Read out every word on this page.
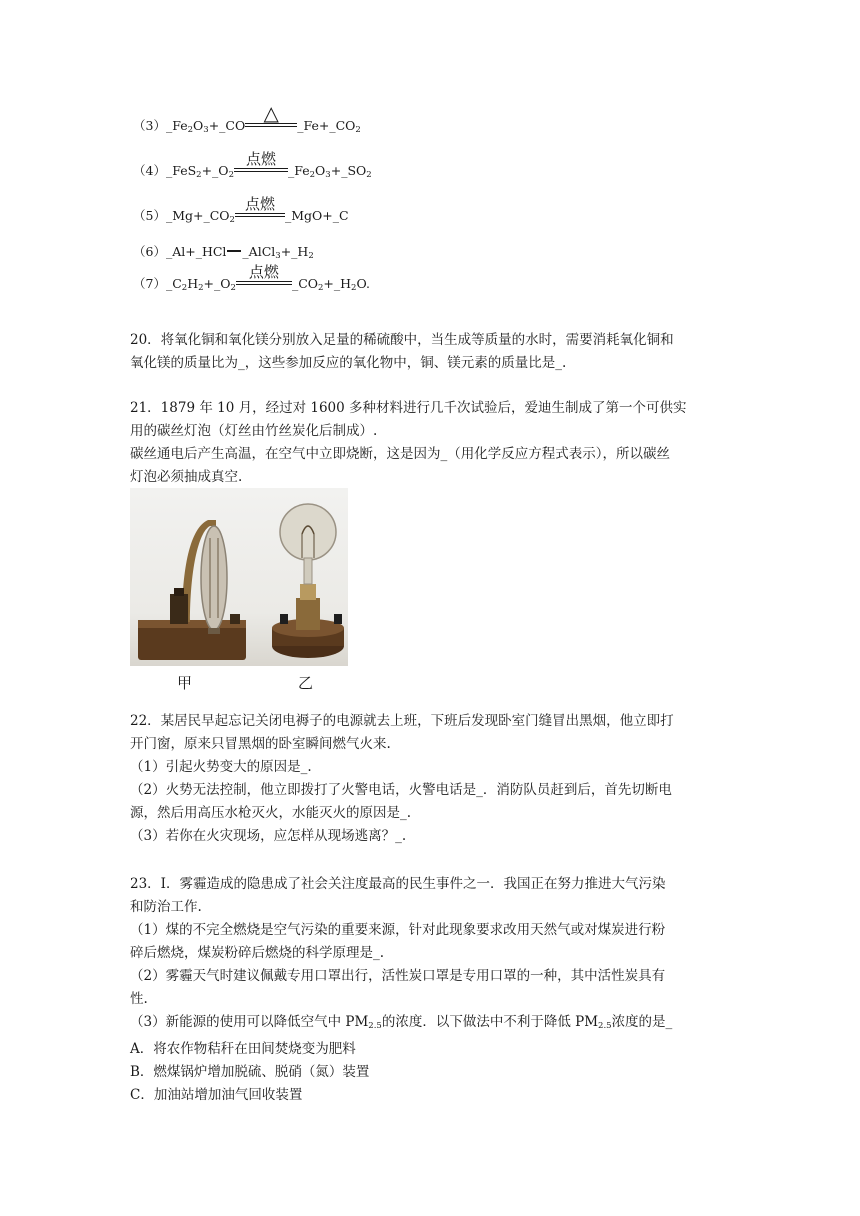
$(3)\_Fe_2O_3+\_CO$
△
$\_Fe+\_CO_2$
$(4)\_FeS_2+\_O_2$
点燃
$\_Fe_2O_3+\_SO_2$
$(5)\_Mg+\_CO_2$
点燃
_MgO+_C
（6）_Al+_HCl $\_AlCl_3+\_H_2$
$(7)\_C_2H_2+\_O_2$
点燃
$\_CO_2+\_H_2O$.

20．将氧化铜和氧化镁分别放入足量的稀硫酸中，当生成等质量的水时，需要消耗氧化铜和

氧化镁的质量比为_，这些参加反应的氧化物中，铜、镁元素的质量比是_.

21．1879 年 10 月，经过对 1600 多种材料进行几千次试验后，爱迪生制成了第一个可供实

用的碳丝灯泡（灯丝由竹丝炭化后制成）.

碳丝通电后产生高温，在空气中立即烧断，这是因为_（用化学反应方程式表示），所以碳丝

灯泡必须抽成真空.

甲	乙

22．某居民早起忘记关闭电褥子的电源就去上班，下班后发现卧室门缝冒出黑烟，他立即打

开门窗，原来只冒黑烟的卧室瞬间燃气火来.

（1）引起火势变大的原因是_.

（2）火势无法控制，他立即拨打了火警电话，火警电话是_．消防队员赶到后，首先切断电

源，然后用高压水枪灭火，水能灭火的原因是_.

（3）若你在火灾现场，应怎样从现场逃离？_.

23．Ⅰ．雾霾造成的隐患成了社会关注度最高的民生事件之一．我国正在努力推进大气污染

和防治工作.

（1）煤的不完全燃烧是空气污染的重要来源，针对此现象要求改用天然气或对煤炭进行粉

碎后燃烧，煤炭粉碎后燃烧的科学原理是_.

（2）雾霾天气时建议佩戴专用口罩出行，活性炭口罩是专用口罩的一种，其中活性炭具有

性.

（3）新能源的使用可以降低空气中 $PM_{2.5}$的浓度．以下做法中不利于降低 $PM_{2.5}$浓度的是_

A．将农作物秸秆在田间焚烧变为肥料

B．燃煤锅炉增加脱硫、脱硝（氮）装置

C．加油站增加油气回收装置
